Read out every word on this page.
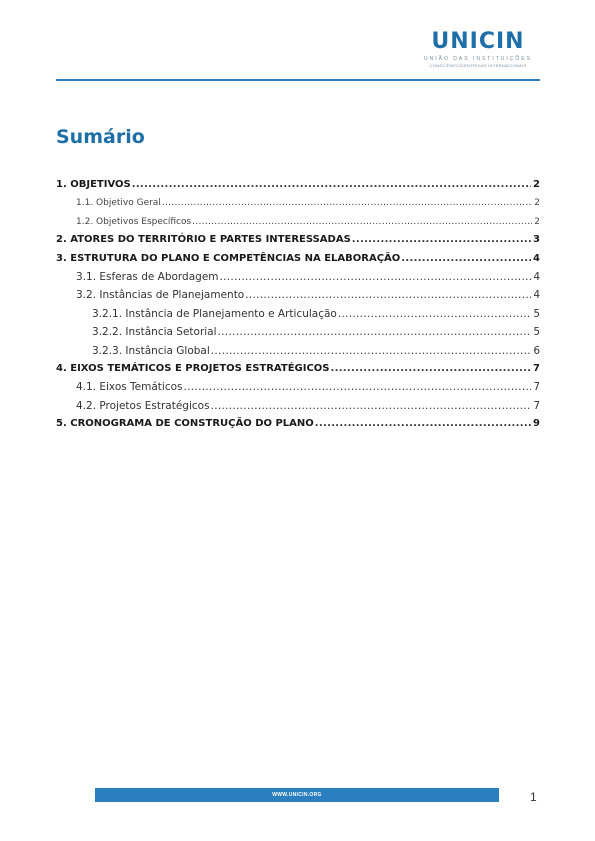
UNICIN
UNIÃO DAS INSTITUIÇÕES
CONSCIENCIOCÊNTRICAS INTERNACIONAIS
Sumário
1. OBJETIVOS .....	2
1.1. Objetivo Geral .....	2
1.2. Objetivos Específicos .....	2
2. ATORES DO TERRITÓRIO E PARTES INTERESSADAS .....	3
3. ESTRUTURA DO PLANO E COMPETÊNCIAS NA ELABORAÇÃO .....	4
3.1. Esferas de Abordagem .....	4
3.2. Instâncias de Planejamento .....	4
3.2.1. Instância de Planejamento e Articulação .....	5
3.2.2. Instância Setorial .....	5
3.2.3. Instância Global .....	6
4. EIXOS TEMÁTICOS E PROJETOS ESTRATÉGICOS .....	7
4.1. Eixos Temáticos .....	7
4.2. Projetos Estratégicos .....	7
5. CRONOGRAMA DE CONSTRUÇÃO DO PLANO .....	9
WWW.UNICIN.ORG	1
